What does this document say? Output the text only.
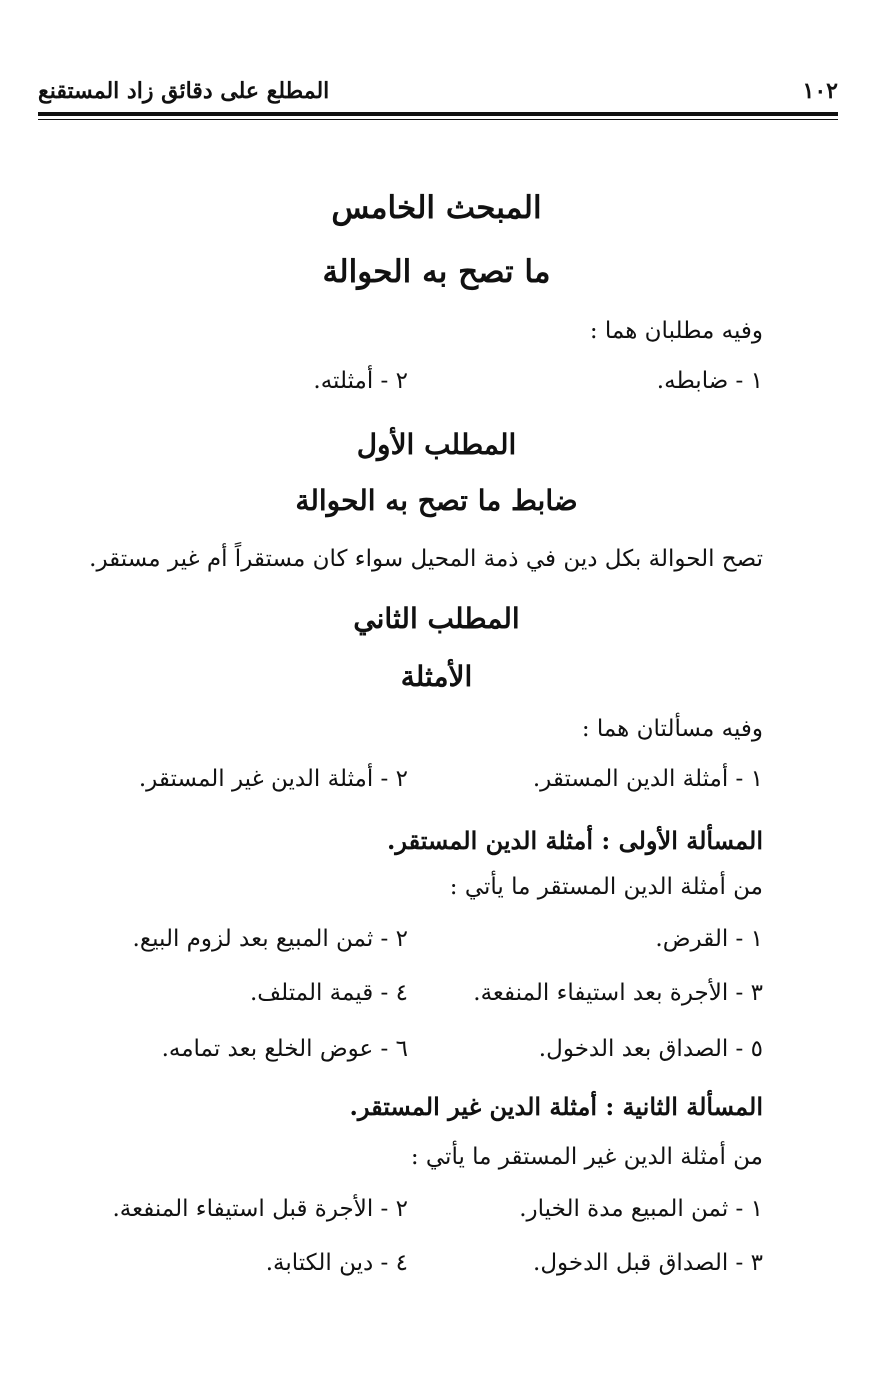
١٠٢
المطلع على دقائق زاد المستقنع
المبحث الخامس
ما تصح به الحوالة
وفيه مطلبان هما :
١ - ضابطه.
٢ - أمثلته.
المطلب الأول
ضابط ما تصح به الحوالة
تصح الحوالة بكل دين في ذمة المحيل سواء كان مستقراً أم غير مستقر.
المطلب الثاني
الأمثلة
وفيه مسألتان هما :
١ - أمثلة الدين المستقر.
٢ - أمثلة الدين غير المستقر.
المسألة الأولى : أمثلة الدين المستقر.
من أمثلة الدين المستقر ما يأتي :
١ - القرض.
٢ - ثمن المبيع بعد لزوم البيع.
٣ - الأجرة بعد استيفاء المنفعة.
٤ - قيمة المتلف.
٥ - الصداق بعد الدخول.
٦ - عوض الخلع بعد تمامه.
المسألة الثانية : أمثلة الدين غير المستقر.
من أمثلة الدين غير المستقر ما يأتي :
١ - ثمن المبيع مدة الخيار.
٢ - الأجرة قبل استيفاء المنفعة.
٣ - الصداق قبل الدخول.
٤ - دين الكتابة.
